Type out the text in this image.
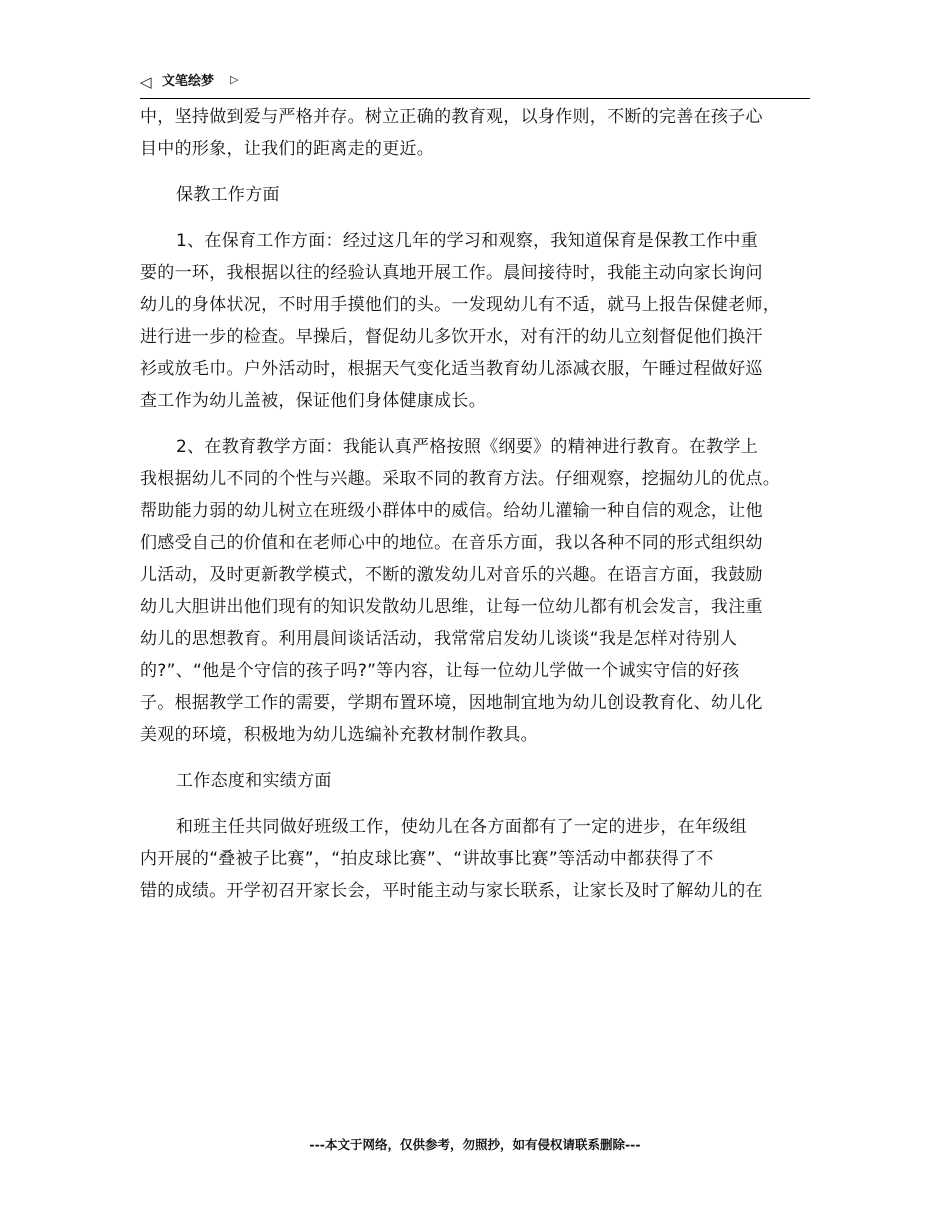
◁ 文笔绘梦 ▷

中，坚持做到爱与严格并存。树立正确的教育观，以身作则，不断的完善在孩子心
目中的形象，让我们的距离走的更近。

保教工作方面

1、在保育工作方面：经过这几年的学习和观察，我知道保育是保教工作中重
要的一环，我根据以往的经验认真地开展工作。晨间接待时，我能主动向家长询问
幼儿的身体状况，不时用手摸他们的头。一发现幼儿有不适，就马上报告保健老师，
进行进一步的检查。早操后，督促幼儿多饮开水，对有汗的幼儿立刻督促他们换汗
衫或放毛巾。户外活动时，根据天气变化适当教育幼儿添减衣服，午睡过程做好巡
查工作为幼儿盖被，保证他们身体健康成长。

2、在教育教学方面：我能认真严格按照《纲要》的精神进行教育。在教学上
我根据幼儿不同的个性与兴趣。采取不同的教育方法。仔细观察，挖掘幼儿的优点。
帮助能力弱的幼儿树立在班级小群体中的威信。给幼儿灌输一种自信的观念，让他
们感受自己的价值和在老师心中的地位。在音乐方面，我以各种不同的形式组织幼
儿活动，及时更新教学模式，不断的激发幼儿对音乐的兴趣。在语言方面，我鼓励
幼儿大胆讲出他们现有的知识发散幼儿思维，让每一位幼儿都有机会发言，我注重
幼儿的思想教育。利用晨间谈话活动，我常常启发幼儿谈谈“我是怎样对待别人
的?”、“他是个守信的孩子吗?”等内容，让每一位幼儿学做一个诚实守信的好孩
子。根据教学工作的需要，学期布置环境，因地制宜地为幼儿创设教育化、幼儿化
美观的环境，积极地为幼儿选编补充教材制作教具。

工作态度和实绩方面

和班主任共同做好班级工作，使幼儿在各方面都有了一定的进步，在年级组
内开展的“叠被子比赛”，“拍皮球比赛”、“讲故事比赛”等活动中都获得了不
错的成绩。开学初召开家长会，平时能主动与家长联系，让家长及时了解幼儿的在

---本文于网络，仅供参考，勿照抄，如有侵权请联系删除---
